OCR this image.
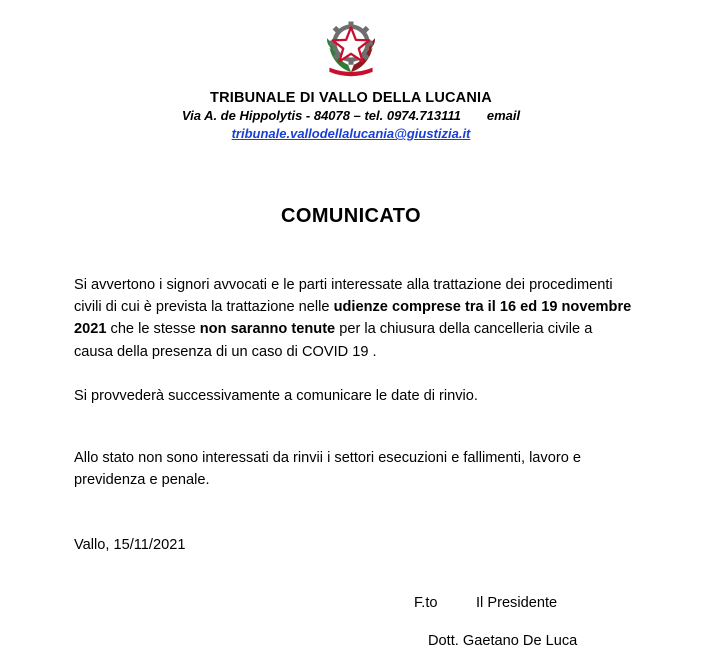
TRIBUNALE DI VALLO DELLA LUCANIA
Via A. de Hippolytis - 84078 – tel. 0974.713111 email
tribunale.vallodellalucania@giustizia.it
COMUNICATO

Si avvertono i signori avvocati e le parti interessate alla trattazione dei procedimenti civili di cui è prevista la trattazione nelle udienze comprese tra il 16 ed 19 novembre 2021 che le stesse non saranno tenute per la chiusura della cancelleria civile a causa della presenza di un caso di COVID 19 .

Si provvederà successivamente a comunicare le date di rinvio.

Allo stato non sono interessati da rinvii i settori esecuzioni e fallimenti, lavoro e previdenza e penale.

Vallo, 15/11/2021
F.to	Il Presidente
Dott. Gaetano De Luca
